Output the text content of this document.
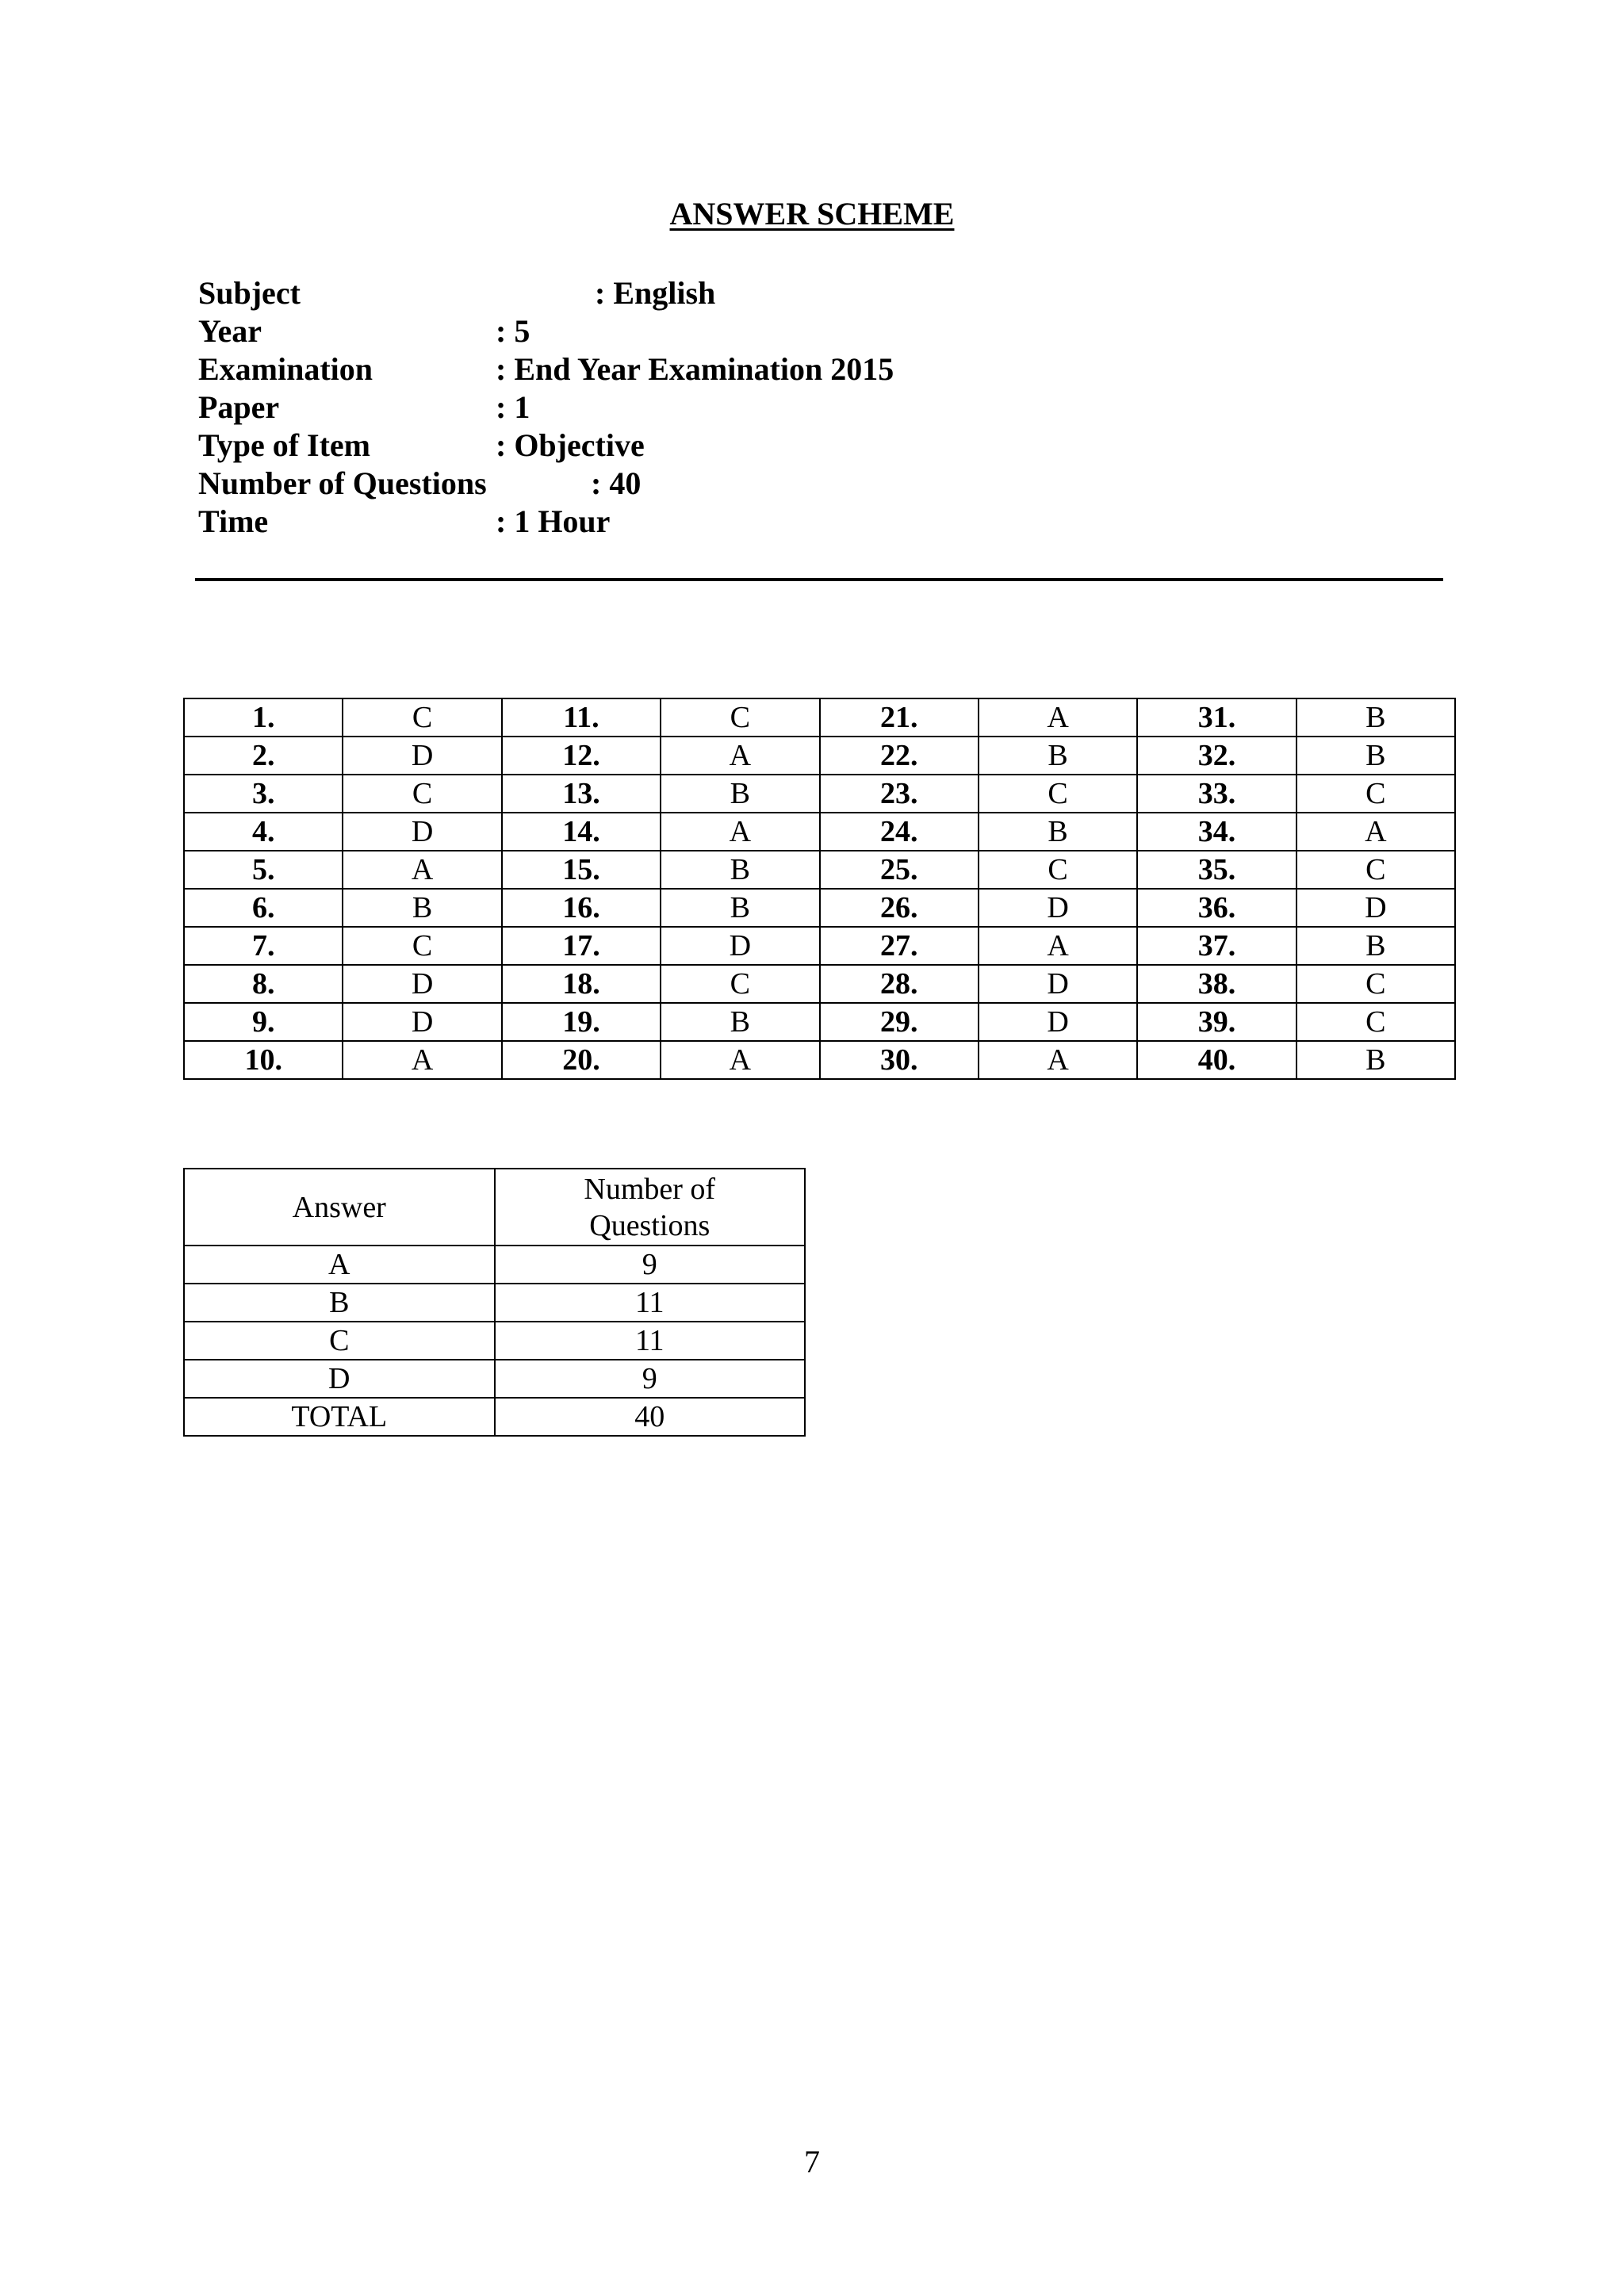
ANSWER SCHEME
Subject	: English
Year	: 5
Examination	: End Year Examination 2015
Paper	: 1
Type of Item	: Objective
Number of Questions	: 40
Time	: 1 Hour
1.	C	11.	C	21.	A	31.	B
2.	D	12.	A	22.	B	32.	B
3.	C	13.	B	23.	C	33.	C
4.	D	14.	A	24.	B	34.	A
5.	A	15.	B	25.	C	35.	C
6.	B	16.	B	26.	D	36.	D
7.	C	17.	D	27.	A	37.	B
8.	D	18.	C	28.	D	38.	C
9.	D	19.	B	29.	D	39.	C
10.	A	20.	A	30.	A	40.	B
Answer	Number of
Questions
A	9
B	11
C	11
D	9
TOTAL	40
7
